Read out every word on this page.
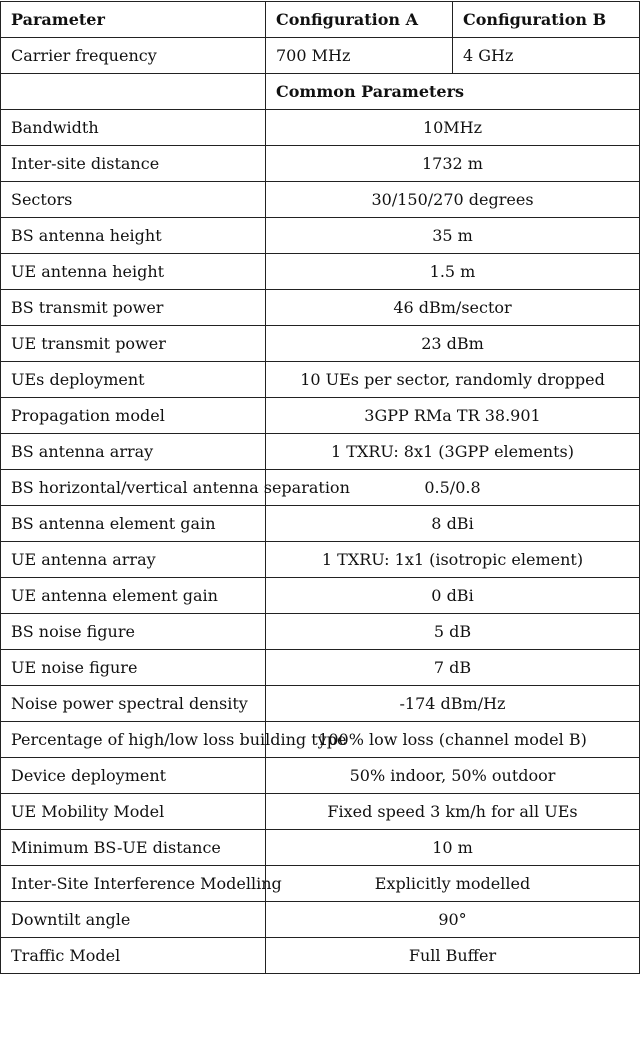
Parameter	Configuration A	Configuration B
Carrier frequency	700 MHz	4 GHz
	Common Parameters	
Bandwidth	10MHz	
Inter-site distance	1732 m	
Sectors	30/150/270 degrees	
BS antenna height	35 m	
UE antenna height	1.5 m	
BS transmit power	46 dBm/sector	
UE transmit power	23 dBm	
UEs deployment	10 UEs per sector, randomly dropped	
Propagation model	3GPP RMa TR 38.901	
BS antenna array	1 TXRU: 8x1 (3GPP elements)	
BS horizontal/vertical antenna separation	0.5/0.8	
BS antenna element gain	8 dBi	
UE antenna array	1 TXRU: 1x1 (isotropic element)	
UE antenna element gain	0 dBi	
BS noise figure	5 dB	
UE noise figure	7 dB	
Noise power spectral density	-174 dBm/Hz	
Percentage of high/low loss building type	100% low loss (channel model B)	
Device deployment	50% indoor, 50% outdoor	
UE Mobility Model	Fixed speed 3 km/h for all UEs	
Minimum BS-UE distance	10 m	
Inter-Site Interference Modelling	Explicitly modelled	
Downtilt angle	90°	
Traffic Model	Full Buffer	
